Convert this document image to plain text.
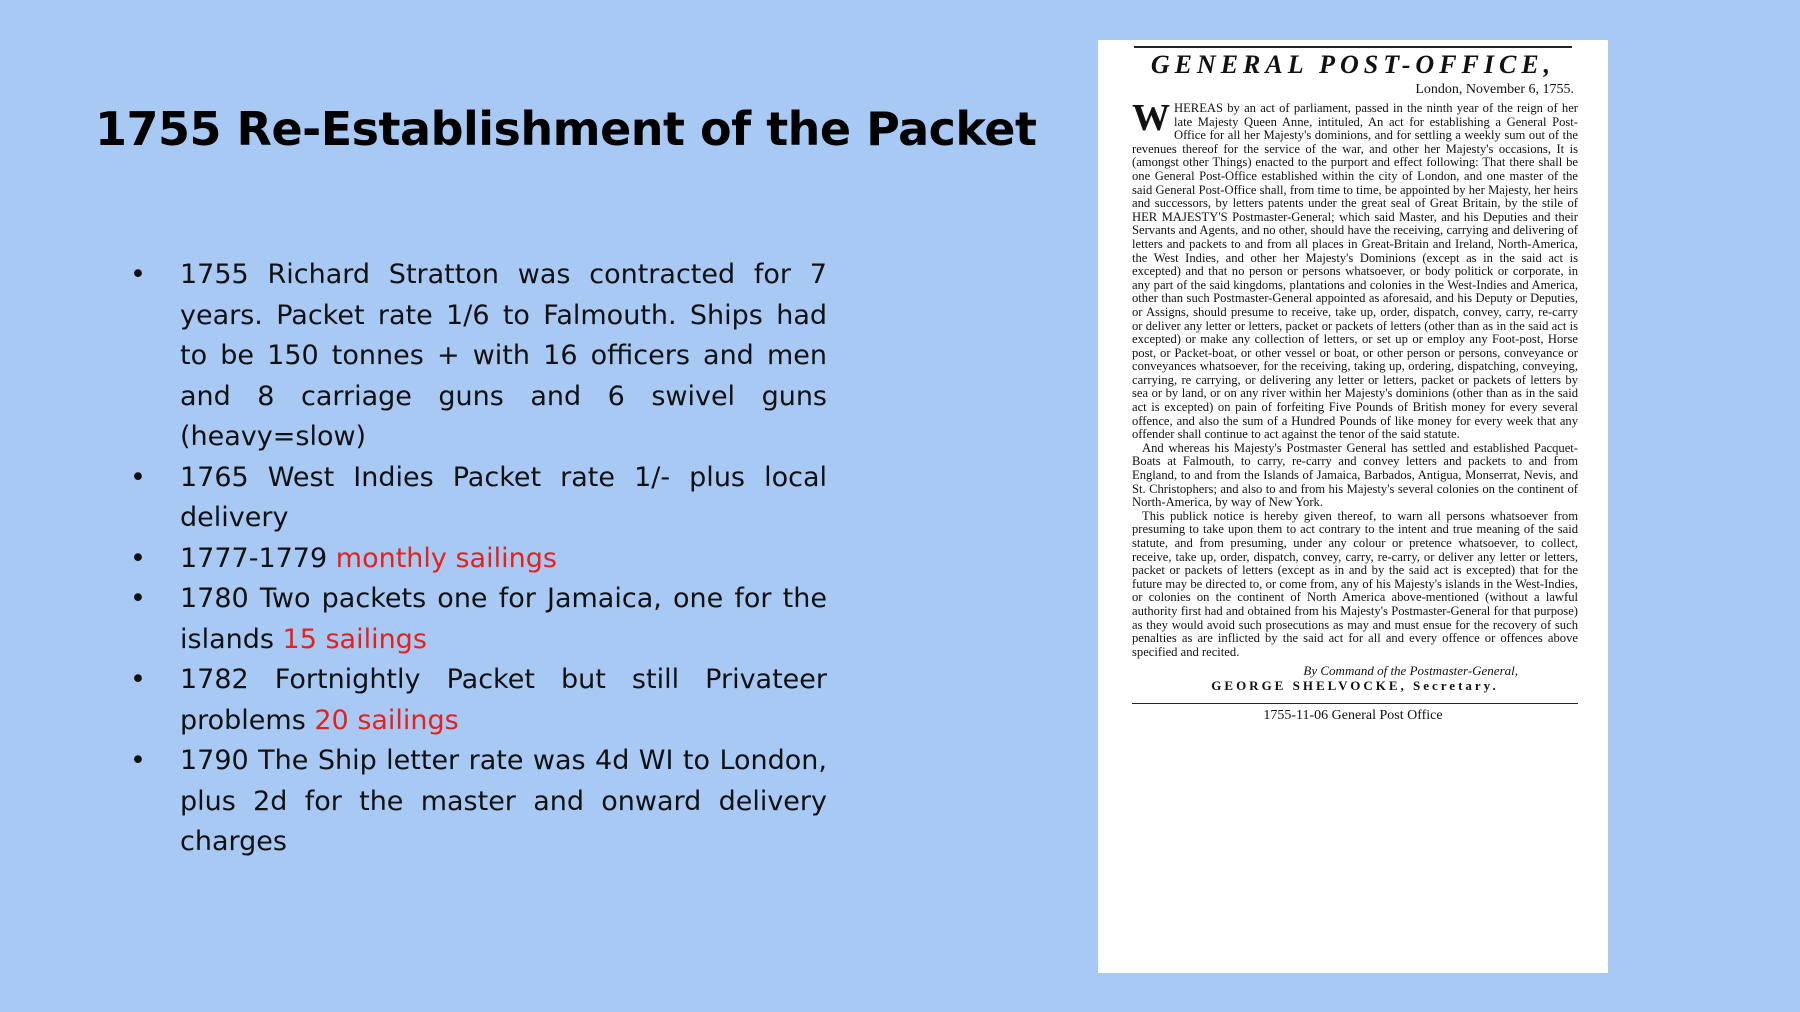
1755 Re-Establishment of the Packet
• 1755 Richard Stratton was contracted for 7 years. Packet rate 1/6 to Falmouth. Ships had to be 150 tonnes + with 16 officers and men and 8 carriage guns and 6 swivel guns (heavy=slow)
• 1765 West Indies Packet rate 1/- plus local delivery
• 1777-1779 monthly sailings
• 1780 Two packets one for Jamaica, one for the islands 15 sailings
• 1782 Fortnightly Packet but still Privateer problems 20 sailings
• 1790 The Ship letter rate was 4d WI to London, plus 2d for the master and onward delivery charges
GENERAL POST-OFFICE,
London, November 6, 1755.

WHEREAS by an act of parliament, passed in the ninth year of the reign of her late Majesty Queen Anne, intituled, An act for establishing a General Post-Office for all her Majesty's dominions, and for settling a weekly sum out of the revenues thereof for the service of the war, and other her Majesty's occasions, It is (amongst other Things) enacted to the purport and effect following: That there shall be one General Post-Office established within the city of London, and one master of the said General Post-Office shall, from time to time, be appointed by her Majesty, her heirs and successors, by letters patents under the great seal of Great Britain, by the stile of HER MAJESTY'S Postmaster-General; which said Master, and his Deputies and their Servants and Agents, and no other, should have the receiving, carrying and delivering of letters and packets to and from all places in Great-Britain and Ireland, North-America, the West Indies, and other her Majesty's Dominions (except as in the said act is excepted) and that no person or persons whatsoever, or body politick or corporate, in any part of the said kingdoms, plantations and colonies in the West-Indies and America, other than such Postmaster-General appointed as aforesaid, and his Deputy or Deputies, or Assigns, should presume to receive, take up, order, dispatch, convey, carry, re-carry or deliver any letter or letters, packet or packets of letters (other than as in the said act is excepted) or make any collection of letters, or set up or employ any Foot-post, Horse post, or Packet-boat, or other vessel or boat, or other person or persons, conveyance or conveyances whatsoever, for the receiving, taking up, ordering, dispatching, conveying, carrying, re carrying, or delivering any letter or letters, packet or packets of letters by sea or by land, or on any river within her Majesty's dominions (other than as in the said act is excepted) on pain of forfeiting Five Pounds of British money for every several offence, and also the sum of a Hundred Pounds of like money for every week that any offender shall continue to act against the tenor of the said statute.

And whereas his Majesty's Postmaster General has settled and established Pacquet-Boats at Falmouth, to carry, re-carry and convey letters and packets to and from England, to and from the Islands of Jamaica, Barbados, Antigua, Monserrat, Nevis, and St. Christophers; and also to and from his Majesty's several colonies on the continent of North-America, by way of New York.

This publick notice is hereby given thereof, to warn all persons whatsoever from presuming to take upon them to act contrary to the intent and true meaning of the said statute, and from presuming, under any colour or pretence whatsoever, to collect, receive, take up, order, dispatch, convey, carry, re-carry, or deliver any letter or letters, packet or packets of letters (except as in and by the said act is excepted) that for the future may be directed to, or come from, any of his Majesty's islands in the West-Indies, or colonies on the continent of North America above-mentioned (without a lawful authority first had and obtained from his Majesty's Postmaster-General for that purpose) as they would avoid such prosecutions as may and must ensue for the recovery of such penalties as are inflicted by the said act for all and every offence or offences above specified and recited.

By Command of the Postmaster-General,
GEORGE SHELVOCKE, Secretary.
1755-11-06 General Post Office
